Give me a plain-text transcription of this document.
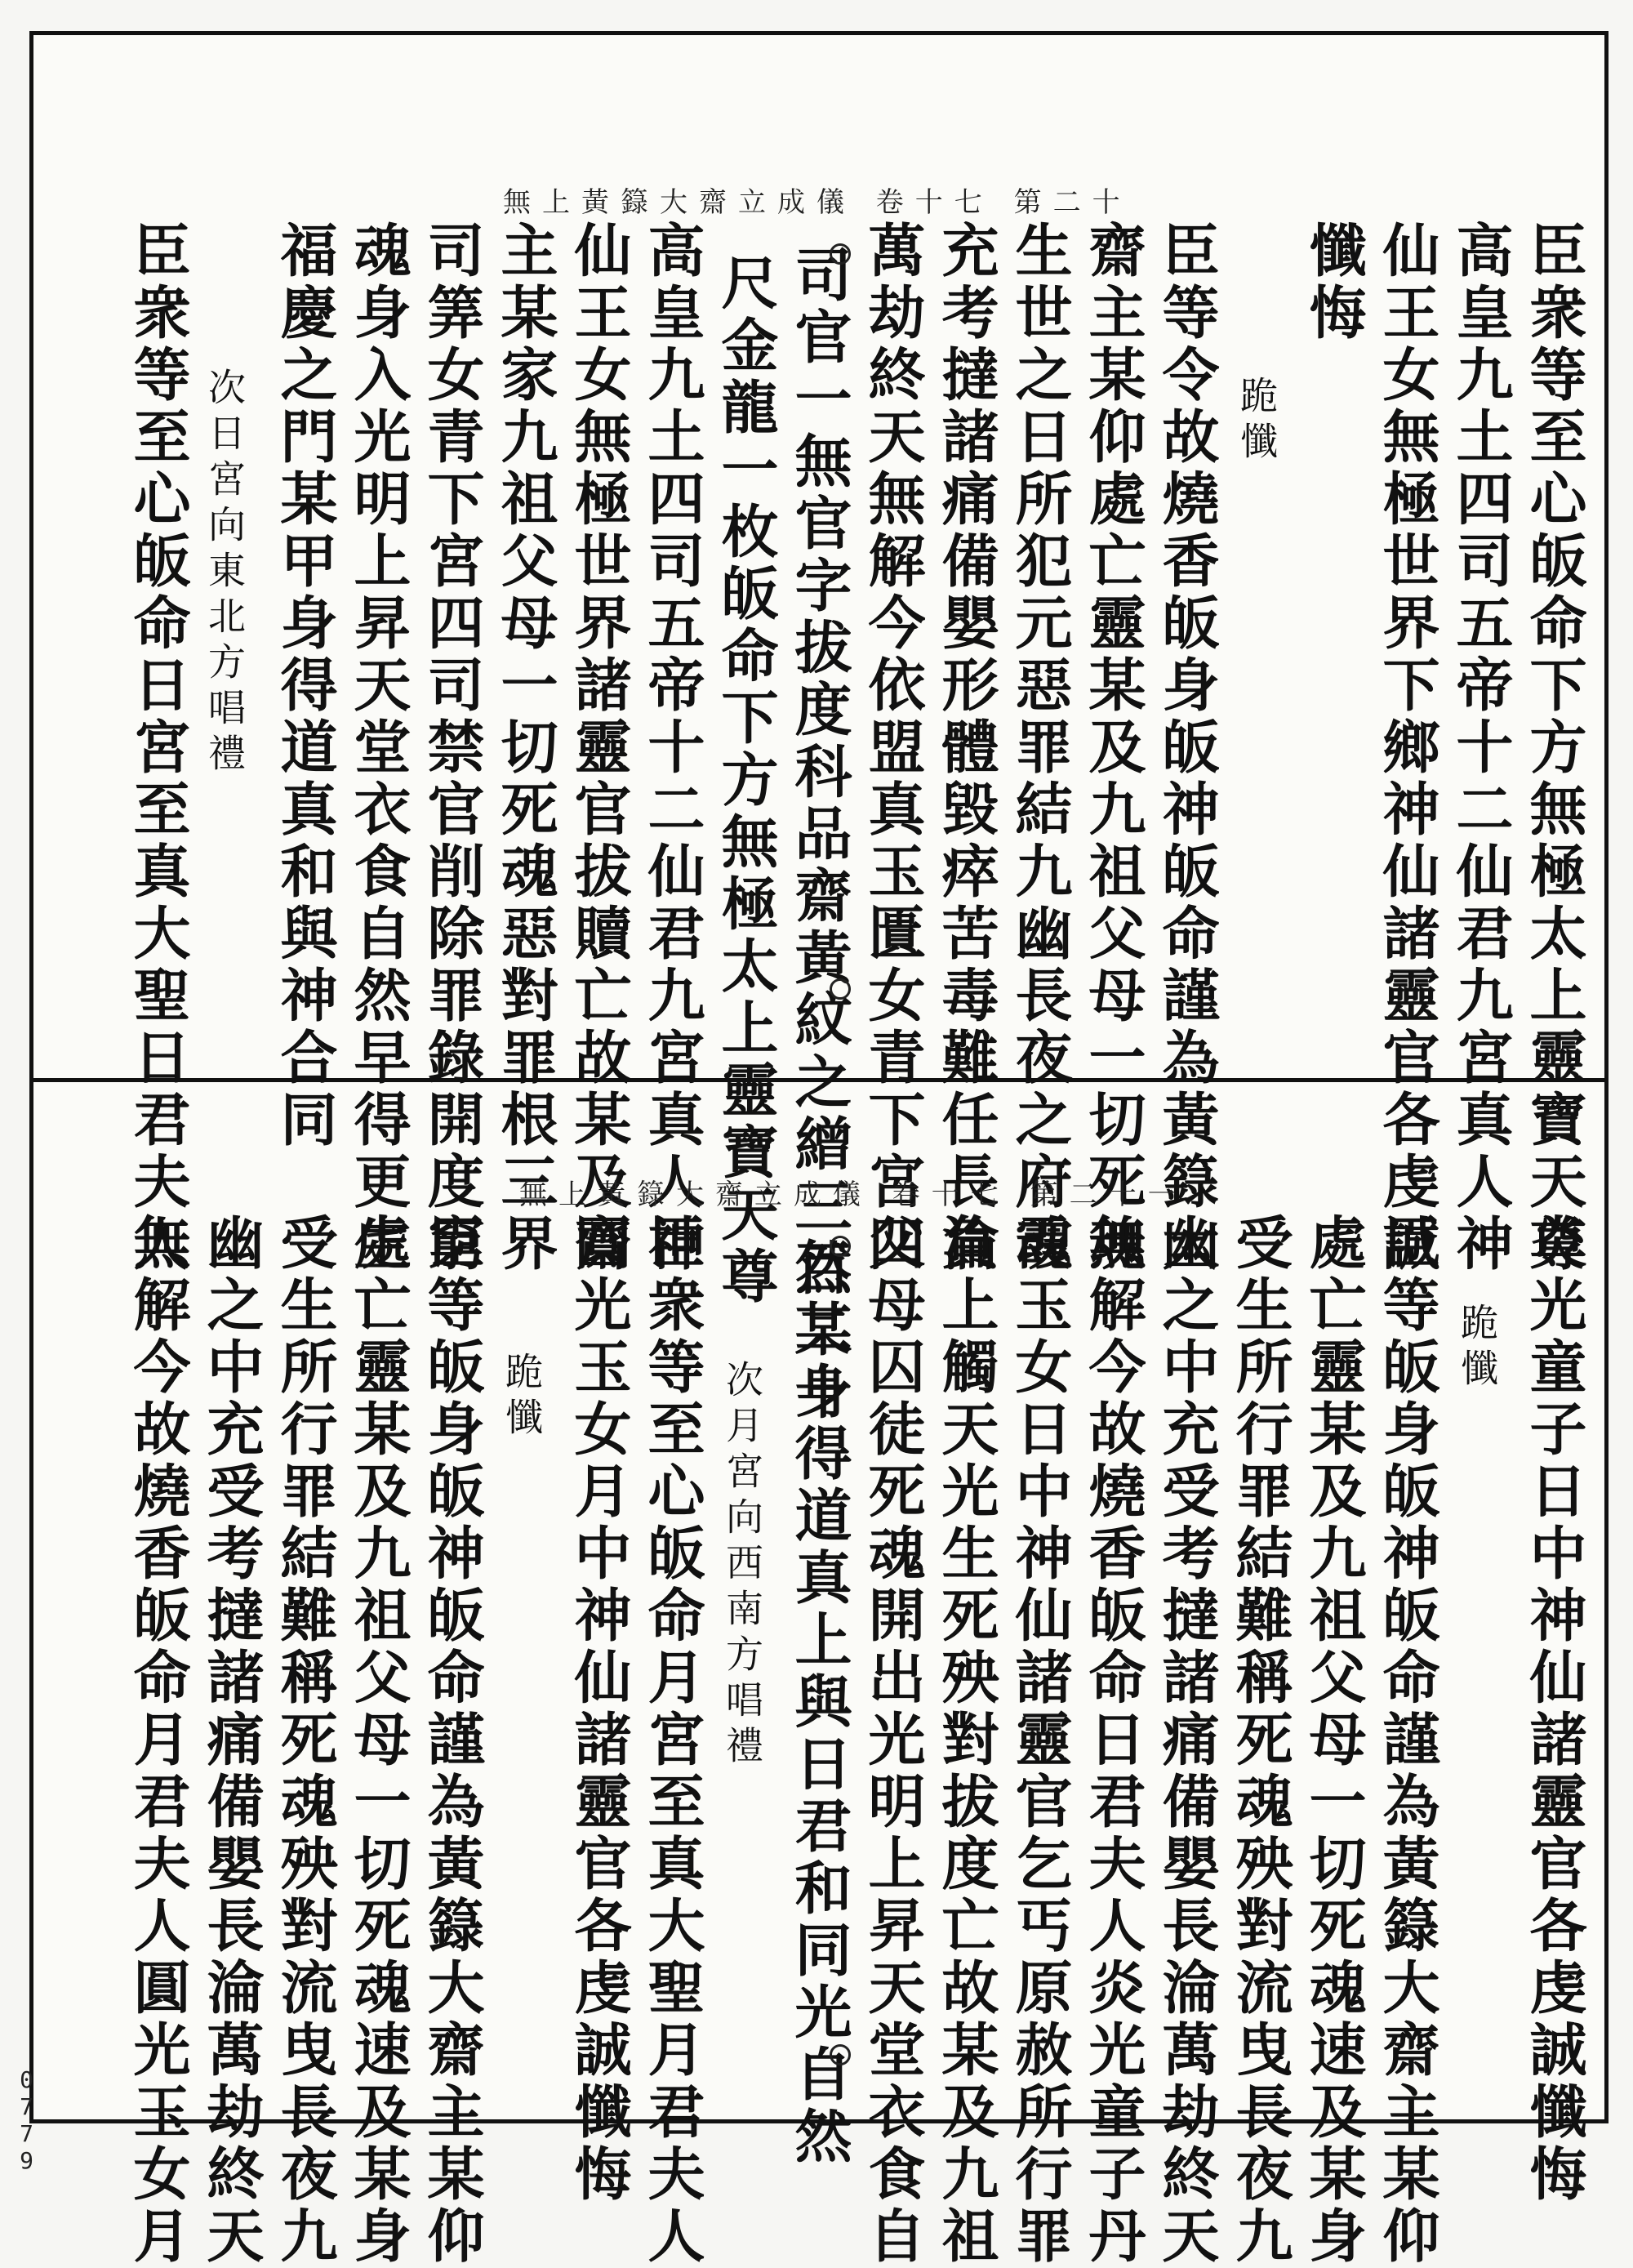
無上黃籙大齋立成儀 卷十七 第二十
臣衆等至心皈命下方無極太上靈寶天尊
高皇九土四司五帝十二仙君九宮真人神
仙王女無極世界下鄉神仙諸靈官各虔誠
懺悔
跪懺
臣等令故燒香皈身皈神皈命謹為黃籙大
齋主某仰處亡靈某及九祖父母一切死魂
生世之日所犯元惡罪結九幽長夜之府魂
充考撻諸痛備嬰形體毀瘁苦毒難任長淪
萬劫終天無解今依盟真玉匱女青下宮四
司官一無官字拔度科品齋黃紋之繒三百二十
尺金龍一枚皈命下方無極太上靈寶天尊
高皇九土四司五帝十二仙君九宮真人神
仙王女無極世界諸靈官拔贖亡故某及齋
主某家九祖父母一切死魂惡對罪根三界
司筭女青下宮四司禁官削除罪錄開度窮
魂身入光明上昇天堂衣食自然早得更生
福慶之門某甲身得道真和與神合同
次日宮向東北方唱禮
臣衆等至心皈命日宮至真大聖日君夫人	無上黃籙大齋立成儀 卷十七 第二十一
炎光童子日中神仙諸靈官各虔誠懺悔
跪懺
臣等皈身皈神皈命謹為黃籙大齋主某仰
處亡靈某及九祖父母一切死魂速及某身
受生所行罪結難稱死魂殃對流曳長夜九
幽之中充受考撻諸痛備嬰長淪萬劫終天
無解今故燒香皈命日君夫人炎光童子丹
霞玉女日中神仙諸靈官乞丐原赦所行罪
負上觸天光生死殃對拔度亡故某及九祖
父母囚徒死魂開出光明上昇天堂衣食自
然某身得道真上與日君和同光自然
次月宮向西南方唱禮
臣衆等至心皈命月宮至真大聖月君夫人
圓光玉女月中神仙諸靈官各虔誠懺悔
跪懺
臣等皈身皈神皈命謹為黃籙大齋主某仰
處亡靈某及九祖父母一切死魂速及某身
受生所行罪結難稱死魂殃對流曳長夜九
幽之中充受考撻諸痛備嬰長淪萬劫終天
無解今故燒香皈命月君夫人圓光玉女月
0779
